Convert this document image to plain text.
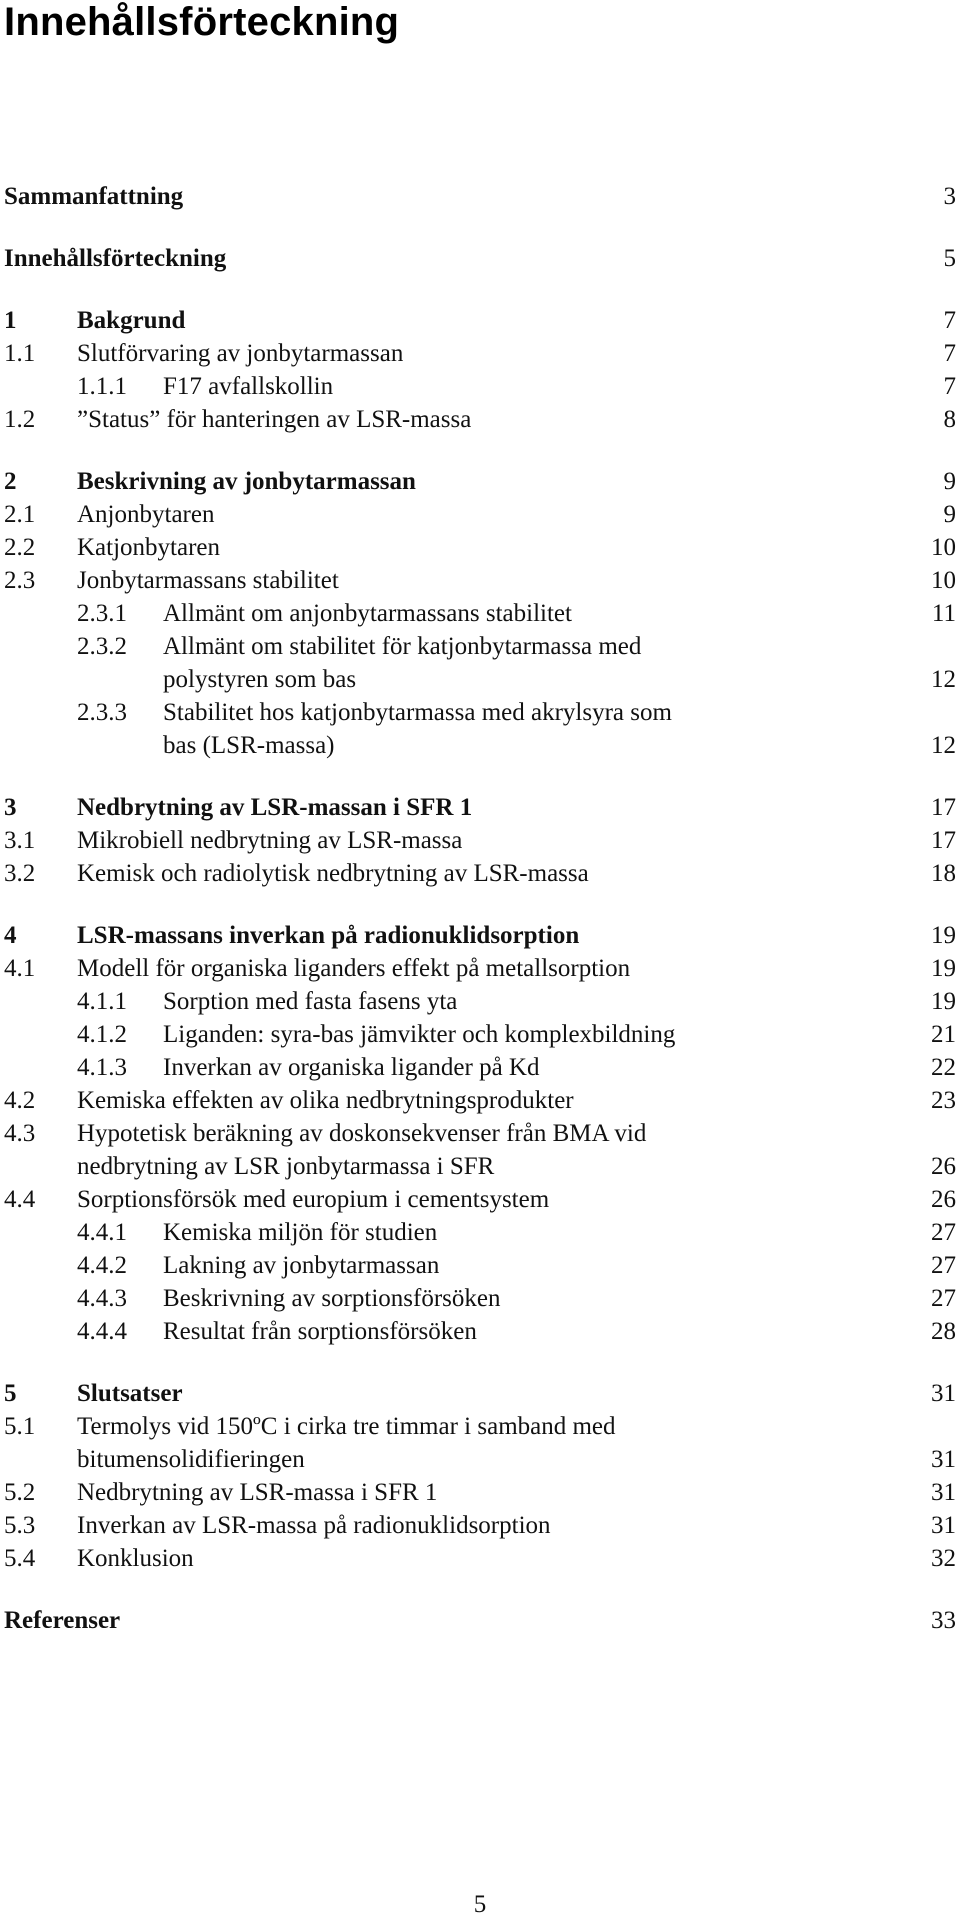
Innehållsförteckning
Sammanfattning	3
Innehållsförteckning	5
1 Bakgrund	7
1.1 Slutförvaring av jonbytarmassan	7
1.1.1 F17 avfallskollin	7
1.2 ”Status” för hanteringen av LSR-massa	8
2 Beskrivning av jonbytarmassan	9
2.1 Anjonbytaren	9
2.2 Katjonbytaren	10
2.3 Jonbytarmassans stabilitet	10
2.3.1 Allmänt om anjonbytarmassans stabilitet	11
2.3.2 Allmänt om stabilitet för katjonbytarmassa med
polystyren som bas	12
2.3.3 Stabilitet hos katjonbytarmassa med akrylsyra som
bas (LSR-massa)	12
3 Nedbrytning av LSR-massan i SFR 1	17
3.1 Mikrobiell nedbrytning av LSR-massa	17
3.2 Kemisk och radiolytisk nedbrytning av LSR-massa	18
4 LSR-massans inverkan på radionuklidsorption	19
4.1 Modell för organiska liganders effekt på metallsorption	19
4.1.1 Sorption med fasta fasens yta	19
4.1.2 Liganden: syra-bas jämvikter och komplexbildning	21
4.1.3 Inverkan av organiska ligander på Kd	22
4.2 Kemiska effekten av olika nedbrytningsprodukter	23
4.3 Hypotetisk beräkning av doskonsekvenser från BMA vid
nedbrytning av LSR jonbytarmassa i SFR	26
4.4 Sorptionsförsök med europium i cementsystem	26
4.4.1 Kemiska miljön för studien	27
4.4.2 Lakning av jonbytarmassan	27
4.4.3 Beskrivning av sorptionsförsöken	27
4.4.4 Resultat från sorptionsförsöken	28
5 Slutsatser	31
5.1 Termolys vid 150ºC i cirka tre timmar i samband med
bitumensolidifieringen	31
5.2 Nedbrytning av LSR-massa i SFR 1	31
5.3 Inverkan av LSR-massa på radionuklidsorption	31
5.4 Konklusion	32
Referenser	33
5
